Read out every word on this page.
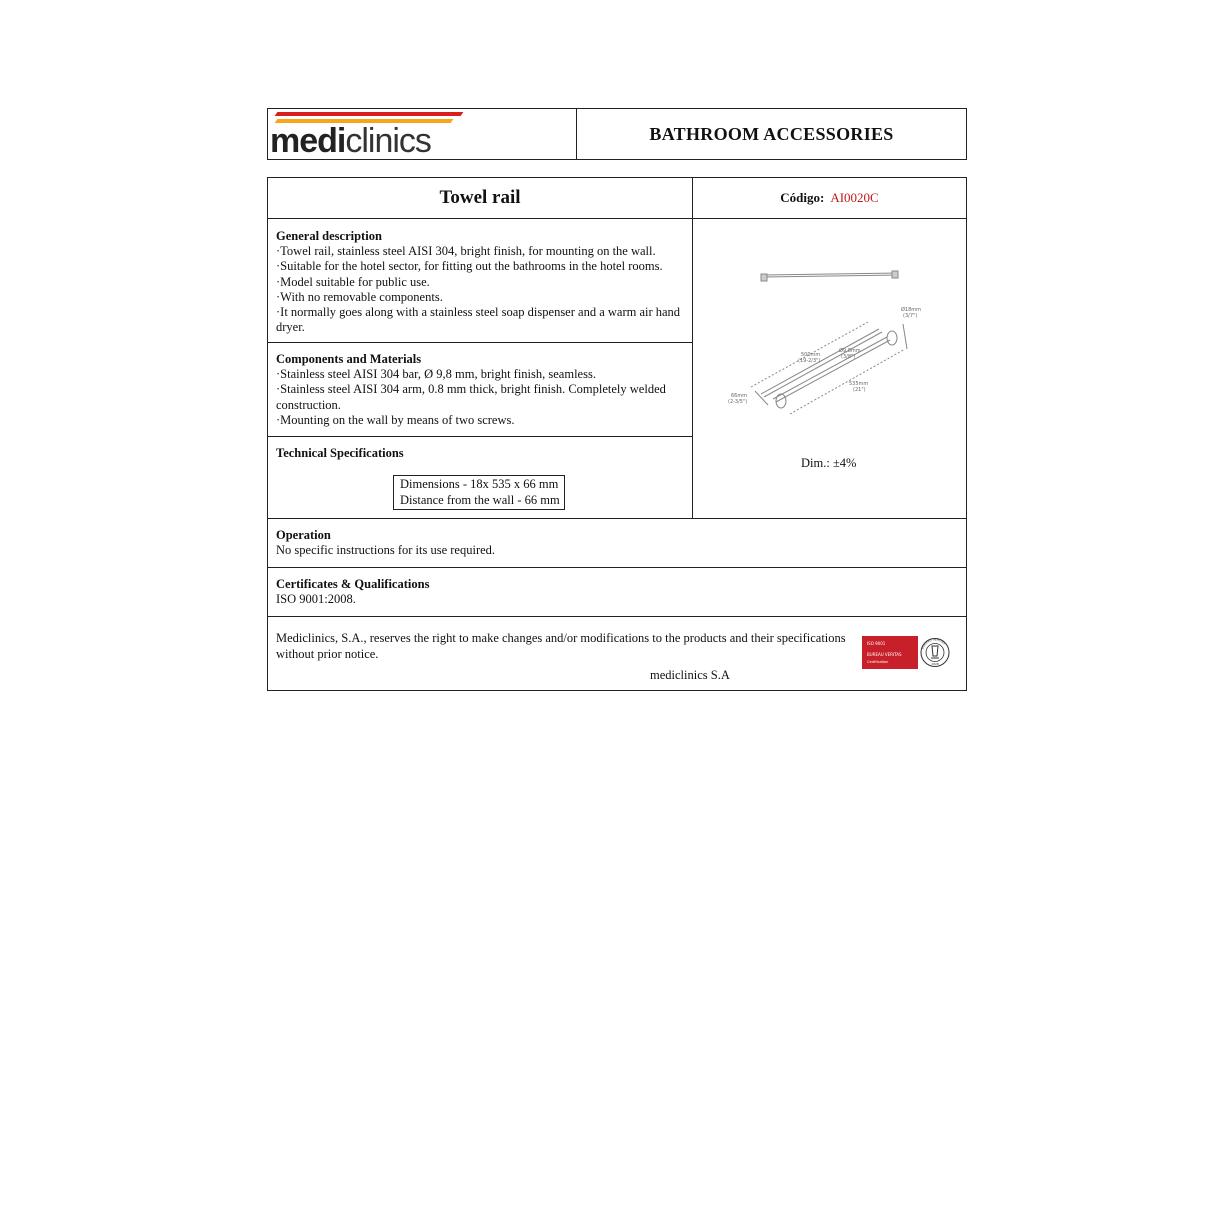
mediclinics	BATHROOM ACCESSORIES
Towel rail	Código: AI0020C
General description

·Towel rail, stainless steel AISI 304, bright finish, for mounting on the wall.

·Suitable for the hotel sector, for fitting out the bathrooms in the hotel rooms.

·Model suitable for public use.

·With no removable components.

·It normally goes along with a stainless steel soap dispenser and a warm air hand dryer.

Components and Materials

·Stainless steel AISI 304 bar, Ø 9,8 mm, bright finish, seamless.

·Stainless steel AISI 304 arm, 0.8 mm thick, bright finish. Completely welded construction.

·Mounting on the wall by means of two screws.

Technical Specifications
Dimensions - 18x 535 x 66 mm
Distance from the wall - 66 mm
Ø18mm
(3/7")
500mm
(19-2/3")
Ø9,8mm
(3/8")
535mm
(21")
66mm
(2-3/5")
Dim.: ±4%
Operation

No specific instructions for its use required.

Certificates & Qualifications

ISO 9001:2008.

Mediclinics, S.A., reserves the right to make changes and/or modifications to the products and their specifications without prior notice.
mediclinics S.A
BUREAU VERITAS
1828
ISO 9001
BUREAU VERITAS
Certification
